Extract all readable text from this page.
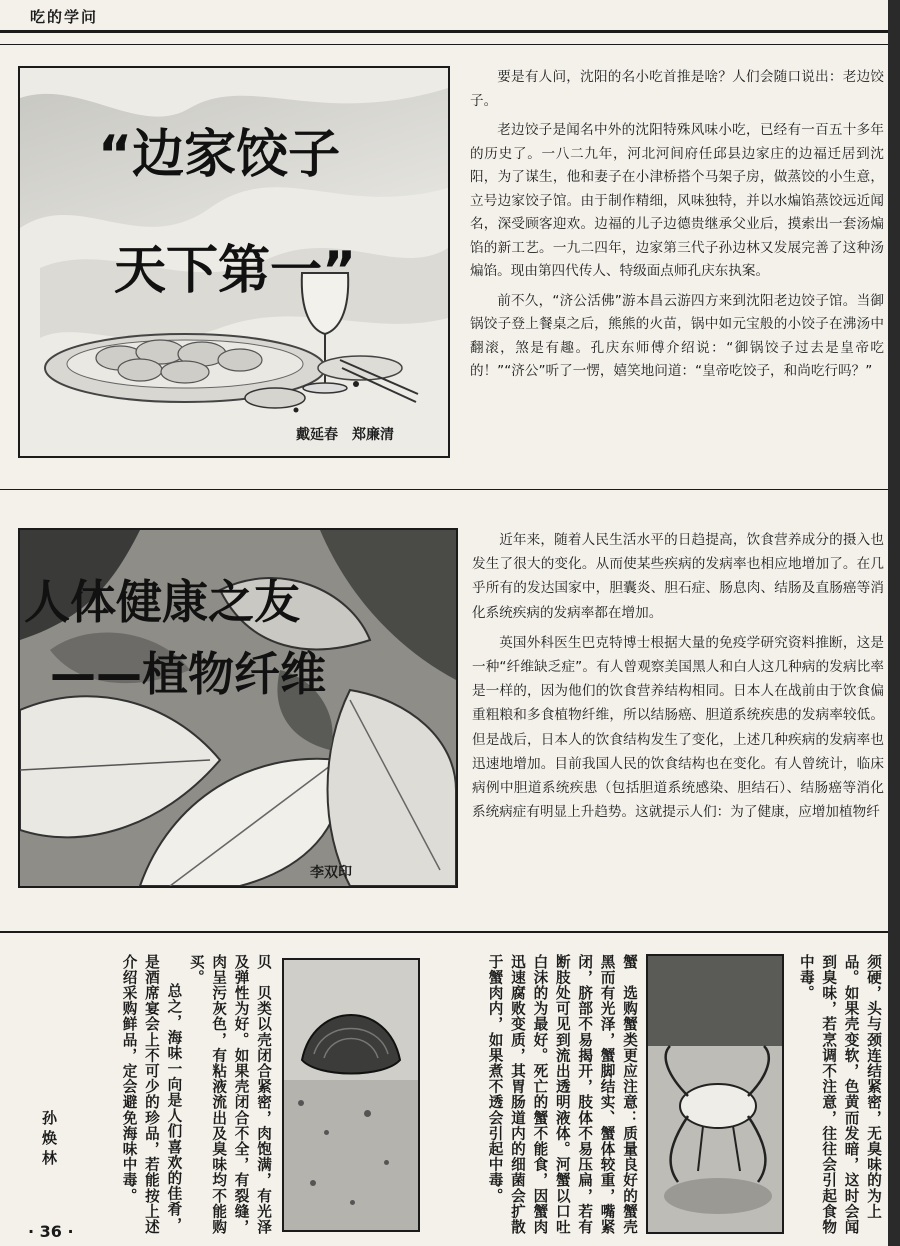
吃的学问
“边家饺子
天下第一”
戴延春　郑廉清

要是有人问，沈阳的名小吃首推是啥？人们会随口说出：老边饺子。

老边饺子是闻名中外的沈阳特殊风味小吃，已经有一百五十多年的历史了。一八二九年，河北河间府任邱县边家庄的边福迁居到沈阳，为了谋生，他和妻子在小津桥搭个马架子房，做蒸饺的小生意，立号边家饺子馆。由于制作精细，风味独特，并以水煸馅蒸饺远近闻名，深受顾客迎欢。边福的儿子边德贵继承父业后，摸索出一套汤煸馅的新工艺。一九二四年，边家第三代子孙边林又发展完善了这种汤煸馅。现由第四代传人、特级面点师孔庆东执案。

前不久，“济公活佛”游本昌云游四方来到沈阳老边饺子馆。当御锅饺子登上餐桌之后，熊熊的火苗，锅中如元宝般的小饺子在沸汤中翻滚，煞是有趣。孔庆东师傅介绍说：“御锅饺子过去是皇帝吃的！”“济公”听了一愣，嬉笑地问道：“皇帝吃饺子，和尚吃行吗？”

人体健康之友
——植物纤维
李双印

近年来，随着人民生活水平的日趋提高，饮食营养成分的摄入也发生了很大的变化。从而使某些疾病的发病率也相应地增加了。在几乎所有的发达国家中，胆囊炎、胆石症、肠息肉、结肠及直肠癌等消化系统疾病的发病率都在增加。

英国外科医生巴克特博士根据大量的免疫学研究资料推断，这是一种“纤维缺乏症”。有人曾观察美国黑人和白人这几种病的发病比率是一样的，因为他们的饮食营养结构相同。日本人在战前由于饮食偏重粗粮和多食植物纤维，所以结肠癌、胆道系统疾患的发病率较低。但是战后，日本人的饮食结构发生了变化，上述几种疾病的发病率也迅速地增加。目前我国人民的饮食结构也在变化。有人曾统计，临床病例中胆道系统疾患（包括胆道系统感染、胆结石）、结肠癌等消化系统病症有明显上升趋势。这就提示人们：为了健康，应增加植物纤

须硬，头与颈连结紧密，无臭味的为上品。如果壳变软，色黄而发暗，这时会闻到臭味，若烹调不注意，往往会引起食物中毒。

蟹　选购蟹类更应注意：质量良好的蟹壳黑而有光泽，蟹脚结实、蟹体较重，嘴紧闭，脐部不易揭开，肢体不易压扁，若有断肢处可见到流出透明液体。河蟹以口吐白沫的为最好。死亡的蟹不能食，因蟹肉迅速腐败变质，其胃肠道内的细菌会扩散于蟹肉内，如果煮不透会引起中毒。

贝　贝类以壳闭合紧密，肉饱满，有光泽及弹性为好。如果壳闭合不全，有裂缝，肉呈污灰色，有粘液流出及臭味均不能购买。

总之，海味一向是人们喜欢的佳肴，是酒席宴会上不可少的珍品，若能按上述介绍采购鲜品，定会避免海味中毒。

孙焕林
· 36 ·
